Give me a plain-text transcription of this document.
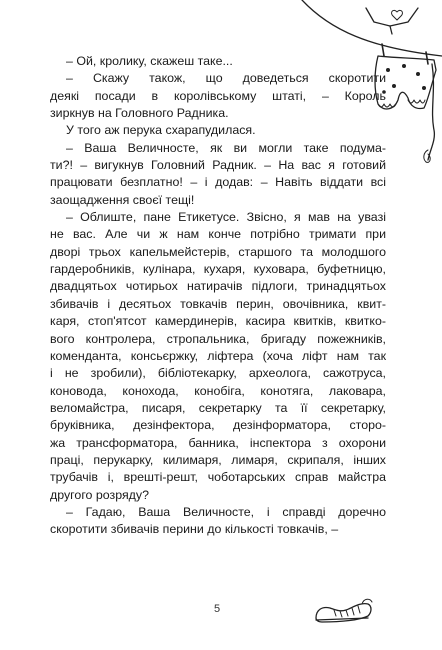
– Ой, кролику, скажеш таке...
– Скажу також, що доведеться скоротити
деякі посади в королівському штаті, – Король
зиркнув на Головного Радника.
У того аж перука схарапудилася.
– Ваша Величносте, як ви могли таке подума-
ти?! – вигукнув Головний Радник. – На вас я готовий
працювати безплатно! – і додав: – Навіть віддати всі
заощадження своєї тещі!
– Облиште, пане Етикетусе. Звісно, я мав на увазі
не вас. Але чи ж нам конче потрібно тримати при
дворі трьох капельмейстерів, старшого та молодшого
гардеробників, кулінара, кухаря, куховара, буфетницю,
двадцятьох чотирьох натирачів підлоги, тринадцятьох
збивачів і десятьох товкачів перин, овочівника, квит-
каря, стоп'ятсот камердинерів, касира квитків, квитко-
вого контролера, стропальника, бригаду пожежників,
коменданта, консьєржку, ліфтера (хоча ліфт нам так
і не зробили), бібліотекарку, археолога, сажотруса,
коновода, конохода, конобіга, конотяга, лаковара,
веломайстра, писаря, секретарку та її секретарку,
бруківника, дезінфектора, дезінформатора, сторо-
жа трансформатора, банника, інспектора з охорони
праці, перукарку, килимаря, лимаря, скрипаля, інших
трубачів і, врешті-решт, чоботарських справ майстра
другого розряду?
– Гадаю, Ваша Величносте, і справді доречно
скоротити збивачів перини до кількості товкачів, –
5
